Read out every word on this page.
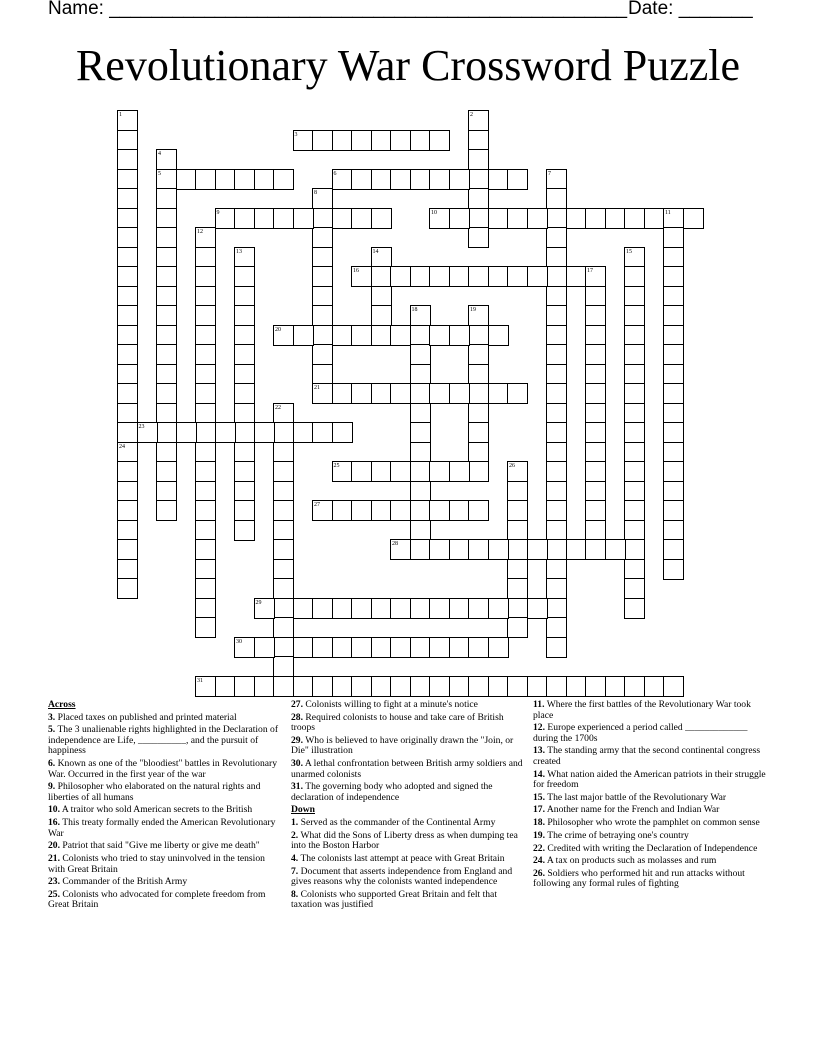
Name: _________________________________________________ Date: _______
Revolutionary War Crossword Puzzle
1
24
2
3
4
5	6	7
8
9	10	11
12
13	14	15
16	17
18	19
20
21
22
23
25	26
27
28
29
30
31
Across
3. Placed taxes on published and printed material
5. The 3 unalienable rights highlighted in the Declaration of independence are Life, __________, and the pursuit of happiness
6. Known as one of the "bloodiest" battles in Revolutionary War. Occurred in the first year of the war
9. Philosopher who elaborated on the natural rights and liberties of all humans
10. A traitor who sold American secrets to the British
16. This treaty formally ended the American Revolutionary War
20. Patriot that said "Give me liberty or give me death"
21. Colonists who tried to stay uninvolved in the tension with Great Britain
23. Commander of the British Army
25. Colonists who advocated for complete freedom from Great Britain
27. Colonists willing to fight at a minute's notice
28. Required colonists to house and take care of British troops
29. Who is believed to have originally drawn the "Join, or Die" illustration
30. A lethal confrontation between British army soldiers and unarmed colonists
31. The governing body who adopted and signed the declaration of independence
Down
1. Served as the commander of the Continental Army
2. What did the Sons of Liberty dress as when dumping tea into the Boston Harbor
4. The colonists last attempt at peace with Great Britain
7. Document that asserts independence from England and gives reasons why the colonists wanted independence
8. Colonists who supported Great Britain and felt that taxation was justified
11. Where the first battles of the Revolutionary War took place
12. Europe experienced a period called _____________ during the 1700s
13. The standing army that the second continental congress created
14. What nation aided the American patriots in their struggle for freedom
15. The last major battle of the Revolutionary War
17. Another name for the French and Indian War
18. Philosopher who wrote the pamphlet on common sense
19. The crime of betraying one's country
22. Credited with writing the Declaration of Independence
24. A tax on products such as molasses and rum
26. Soldiers who performed hit and run attacks without following any formal rules of fighting
